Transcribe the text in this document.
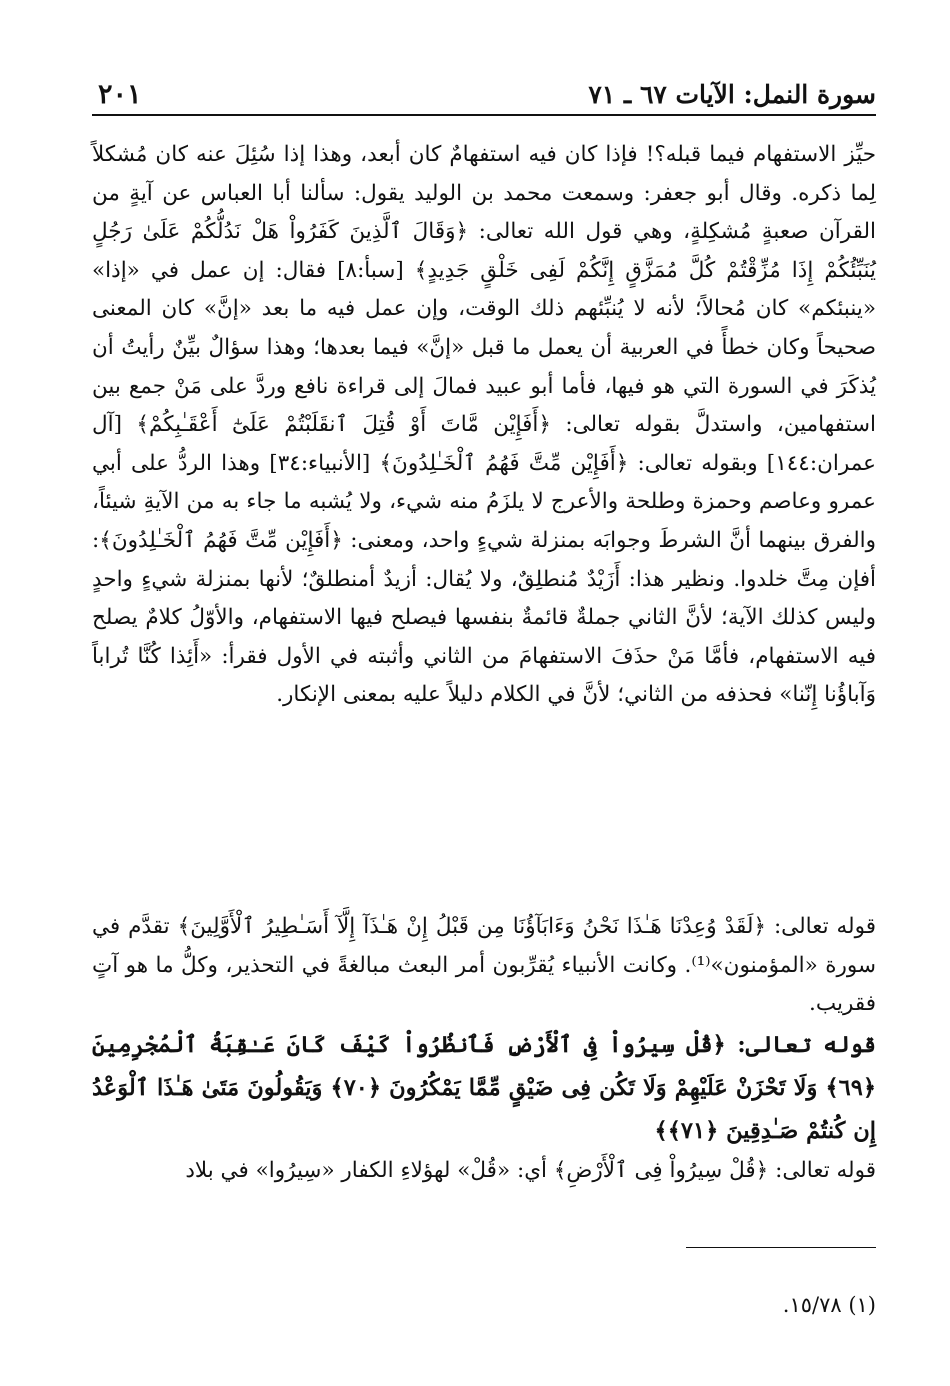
سورة النمل: الآيات ٦٧ ـ ٧١
٢٠١

حيِّز الاستفهام فيما قبله؟! فإذا كان فيه استفهامٌ كان أبعد، وهذا إذا سُئِلَ عنه كان مُشكلاً لِما ذكره. وقال أبو جعفر: وسمعت محمد بن الوليد يقول: سألنا أبا العباس عن آيةٍ من القرآن صعبةٍ مُشكِلةٍ، وهي قول الله تعالى: ﴿وَقَالَ ٱلَّذِينَ كَفَرُواْ هَلْ نَدُلُّكُمْ عَلَىٰ رَجُلٍ يُنَبِّئُكُمْ إِذَا مُزِّقْتُمْ كُلَّ مُمَزَّقٍ إِنَّكُمْ لَفِى خَلْقٍ جَدِيدٍ﴾ [سبأ:٨] فقال: إن عمل في «إذا» «ينبئكم» كان مُحالاً؛ لأنه لا يُنبِّئهم ذلك الوقت، وإن عمل فيه ما بعد «إنَّ» كان المعنى صحيحاً وكان خطأً في العربية أن يعمل ما قبل «إنَّ» فيما بعدها؛ وهذا سؤالٌ بيِّنٌ رأيتُ أن يُذكَرَ في السورة التي هو فيها، فأما أبو عبيد فمالَ إلى قراءة نافع وردَّ على مَنْ جمع بين استفهامين، واستدلَّ بقوله تعالى: ﴿أَفَإِيْن مَّاتَ أَوْ قُتِلَ ٱنقَلَبْتُمْ عَلَىٰٓ أَعْقَـٰبِكُمْ﴾ [آل عمران:١٤٤] وبقوله تعالى: ﴿أَفَإِيْن مِّتَّ فَهُمُ ٱلْخَـٰلِدُونَ﴾ [الأنبياء:٣٤] وهذا الردُّ على أبي عمرو وعاصم وحمزة وطلحة والأعرج لا يلزَمُ منه شيء، ولا يُشبه ما جاء به من الآيةِ شيئاً، والفرق بينهما أنَّ الشرطَ وجوابَه بمنزلة شيءٍ واحد، ومعنى: ﴿أَفَإِيْن مِّتَّ فَهُمُ ٱلْخَـٰلِدُونَ﴾: أفإن مِتَّ خلدوا. ونظير هذا: أَزَيْدٌ مُنطلِقٌ، ولا يُقال: أزيدٌ أمنطلقٌ؛ لأنها بمنزلة شيءٍ واحدٍ وليس كذلك الآية؛ لأنَّ الثاني جملةٌ قائمةٌ بنفسها فيصلح فيها الاستفهام، والأوّلُ كلامٌ يصلح فيه الاستفهام، فأمَّا مَنْ حذَفَ الاستفهامَ من الثاني وأثبته في الأول فقرأ: «أَئِذا كُنَّا تُراباً وَآباؤُنا إِنّنا» فحذفه من الثاني؛ لأنَّ في الكلام دليلاً عليه بمعنى الإنكار.

قوله تعالى: ﴿لَقَدْ وُعِدْنَا هَـٰذَا نَحْنُ وَءَابَآؤُنَا مِن قَبْلُ إِنْ هَـٰذَآ إِلَّآ أَسَـٰطِيرُ ٱلْأَوَّلِينَ﴾ تقدَّم في سورة «المؤمنون»⁽¹⁾. وكانت الأنبياء يُقرِّبون أمر البعث مبالغةً في التحذير، وكلُّ ما هو آتٍ فقريب.

قوله تعالى: ﴿قُلْ سِيرُواْ فِى ٱلْأَرْضِ فَٱنظُرُواْ كَيْفَ كَانَ عَـٰقِبَةُ ٱلْمُجْرِمِينَ ﴿٦٩﴾ وَلَا تَحْزَنْ عَلَيْهِمْ وَلَا تَكُن فِى ضَيْقٍ مِّمَّا يَمْكُرُونَ ﴿٧٠﴾ وَيَقُولُونَ مَتَىٰ هَـٰذَا ٱلْوَعْدُ إِن كُنتُمْ صَـٰدِقِينَ ﴿٧١﴾﴾

قوله تعالى: ﴿قُلْ سِيرُواْ فِى ٱلْأَرْضِ﴾ أي: «قُلْ» لهؤلاءِ الكفار «سِيرُوا» في بلاد

(١) ١٥/٧٨.
